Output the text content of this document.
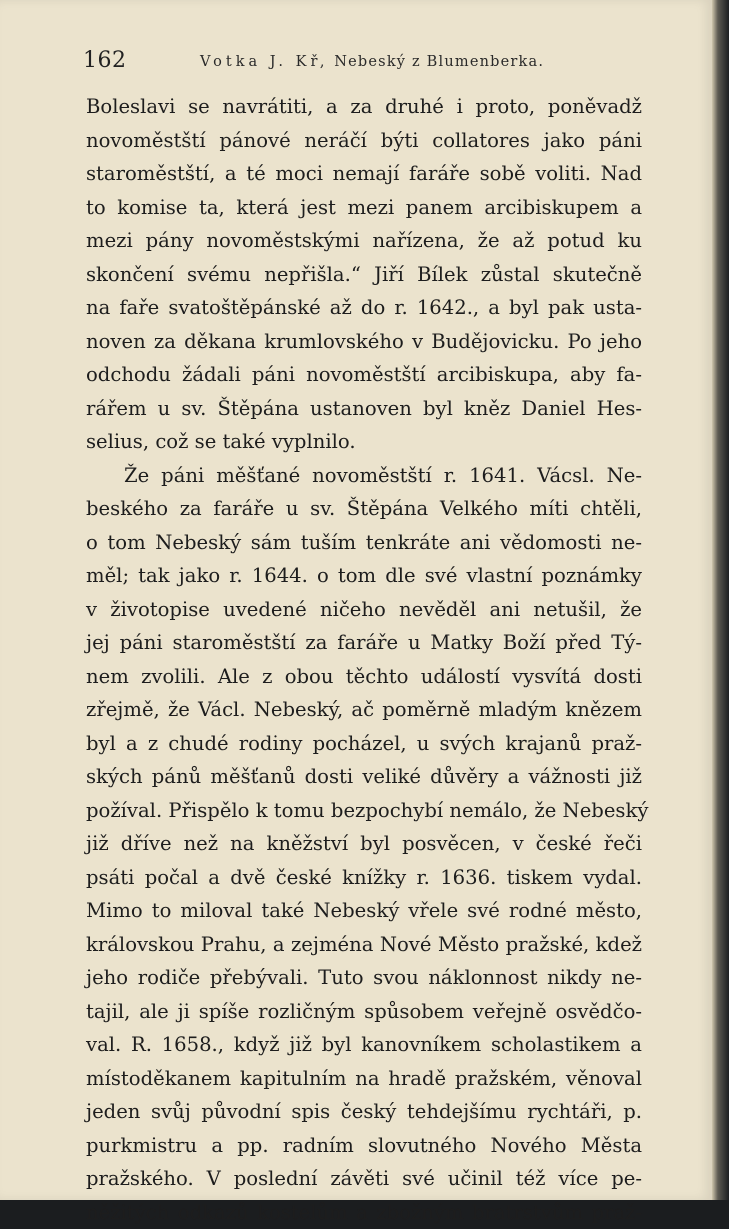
162	Votka J. Kř, Nebeský z Blumenberka.
Boleslavi se navrátiti, a za druhé i proto, poněvadž
novoměstští pánové neráčí býti collatores jako páni
staroměstští, a té moci nemají faráře sobě voliti. Nad
to komise ta, která jest mezi panem arcibiskupem a
mezi pány novoměstskými nařízena, že až potud ku
skončení svému nepřišla.“ Jiří Bílek zůstal skutečně
na faře svatoštěpánské až do r. 1642., a byl pak usta-
noven za děkana krumlovského v Budějovicku. Po jeho
odchodu žádali páni novoměstští arcibiskupa, aby fa-
rářem u sv. Štěpána ustanoven byl kněz Daniel Hes-
selius, což se také vyplnilo.
Že páni měšťané novoměstští r. 1641. Vácsl. Ne-
beského za faráře u sv. Štěpána Velkého míti chtěli,
o tom Nebeský sám tuším tenkráte ani vědomosti ne-
měl; tak jako r. 1644. o tom dle své vlastní poznámky
v životopise uvedené ničeho nevěděl ani netušil, že
jej páni staroměstští za faráře u Matky Boží před Tý-
nem zvolili. Ale z obou těchto událostí vysvítá dosti
zřejmě, že Václ. Nebeský, ač poměrně mladým knězem
byl a z chudé rodiny pocházel, u svých krajanů praž-
ských pánů měšťanů dosti veliké důvěry a vážnosti již
požíval. Přispělo k tomu bezpochybí nemálo, že Nebeský
již dříve než na kněžství byl posvěcen, v české řeči
psáti počal a dvě české knížky r. 1636. tiskem vydal.
Mimo to miloval také Nebeský vřele své rodné město,
královskou Prahu, a zejména Nové Město pražské, kdež
jeho rodiče přebývali. Tuto svou náklonnost nikdy ne-
tajil, ale ji spíše rozličným spůsobem veřejně osvědčo-
val. R. 1658., když již byl kanovníkem scholastikem a
místoděkanem kapitulním na hradě pražském, věnoval
jeden svůj původní spis český tehdejšímu rychtáři, p.
purkmistru a pp. radním slovutného Nového Města
pražského. V poslední závěti své učinil též více pe-
něžitých odkazů kostelům a zbožným bratrstvům praž-
